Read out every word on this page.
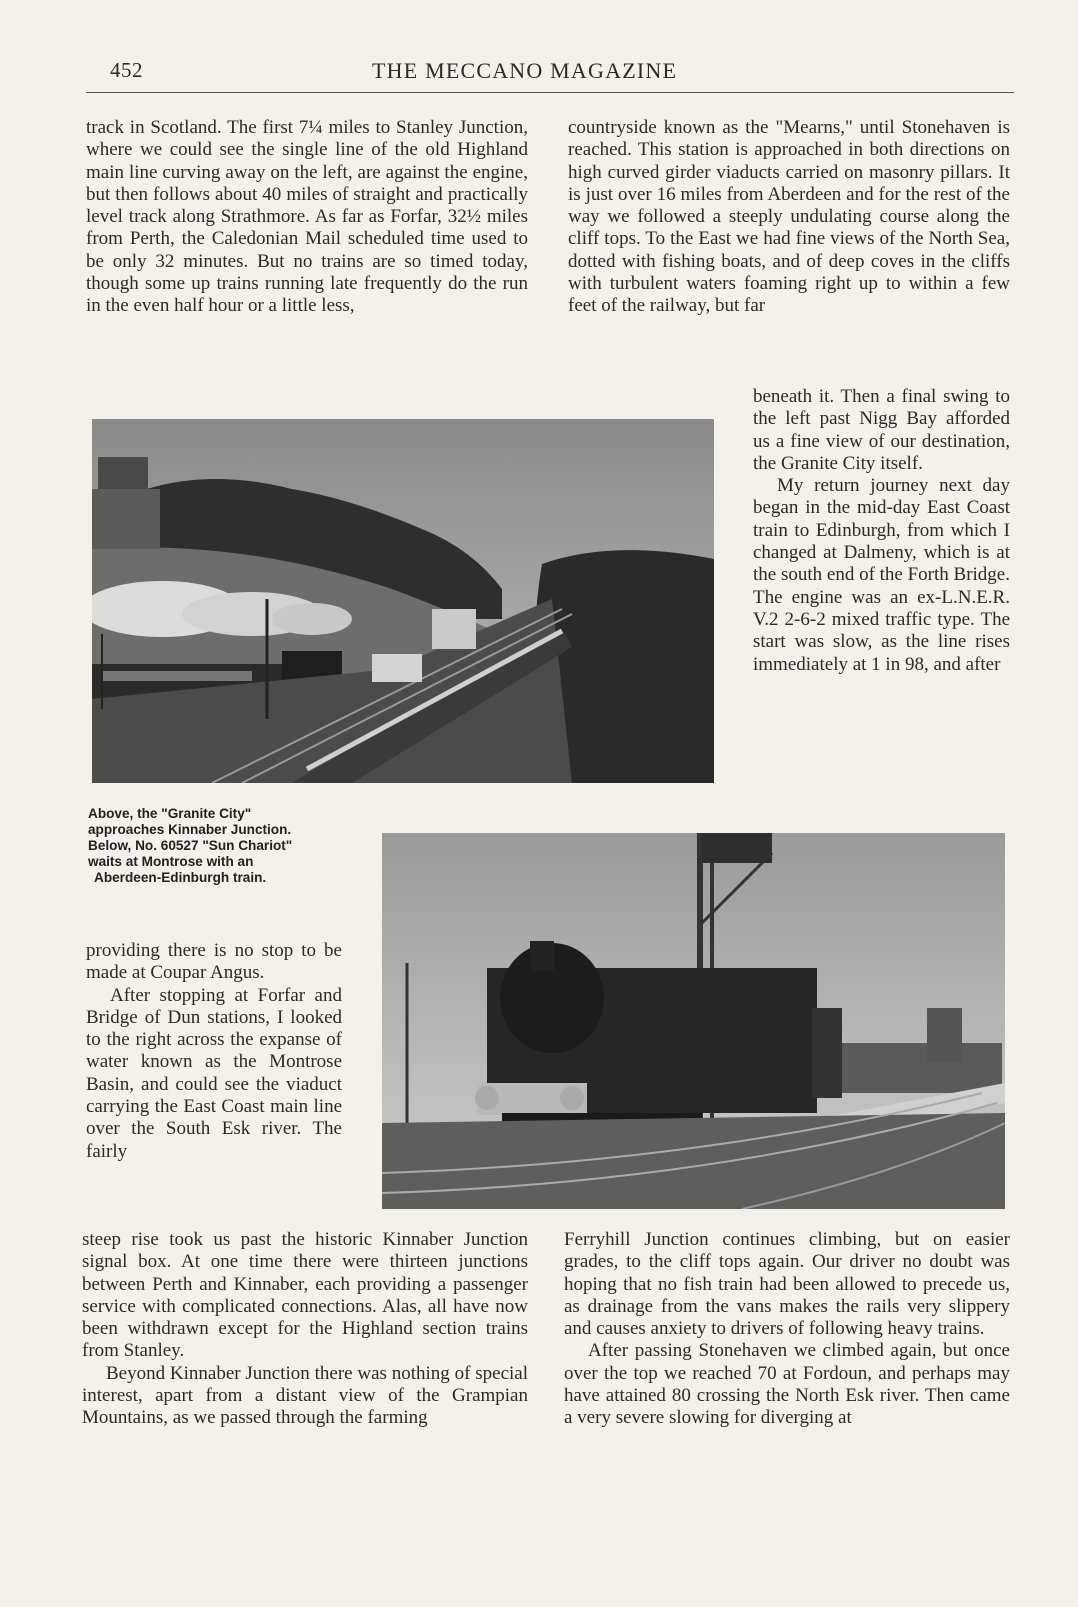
452	THE MECCANO MAGAZINE

track in Scotland. The first 7¼ miles to Stanley Junction, where we could see the single line of the old Highland main line curving away on the left, are against the engine, but then follows about 40 miles of straight and practically level track along Strathmore. As far as Forfar, 32½ miles from Perth, the Caledonian Mail scheduled time used to be only 32 minutes. But no trains are so timed today, though some up trains running late frequently do the run in the even half hour or a little less,

countryside known as the "Mearns," until Stonehaven is reached. This station is approached in both directions on high curved girder viaducts carried on masonry pillars. It is just over 16 miles from Aberdeen and for the rest of the way we followed a steeply undulating course along the cliff tops. To the East we had fine views of the North Sea, dotted with fishing boats, and of deep coves in the cliffs with turbulent waters foaming right up to within a few feet of the railway, but far

beneath it. Then a final swing to the left past Nigg Bay afforded us a fine view of our destination, the Granite City itself.

My return journey next day began in the mid-day East Coast train to Edinburgh, from which I changed at Dalmeny, which is at the south end of the Forth Bridge. The engine was an ex-L.N.E.R. V.2 2-6-2 mixed traffic type. The start was slow, as the line rises immediately at 1 in 98, and after

Above, the "Granite City"
approaches Kinnaber Junction.
Below, No. 60527 "Sun Chariot"
waits at Montrose with an
Aberdeen-Edinburgh train.

providing there is no stop to be made at Coupar Angus.

After stopping at Forfar and Bridge of Dun stations, I looked to the right across the expanse of water known as the Montrose Basin, and could see the viaduct carrying the East Coast main line over the South Esk river. The fairly

steep rise took us past the historic Kinnaber Junction signal box. At one time there were thirteen junctions between Perth and Kinnaber, each providing a passenger service with complicated connections. Alas, all have now been withdrawn except for the Highland section trains from Stanley.

Beyond Kinnaber Junction there was nothing of special interest, apart from a distant view of the Grampian Mountains, as we passed through the farming

Ferryhill Junction continues climbing, but on easier grades, to the cliff tops again. Our driver no doubt was hoping that no fish train had been allowed to precede us, as drainage from the vans makes the rails very slippery and causes anxiety to drivers of following heavy trains.

After passing Stonehaven we climbed again, but once over the top we reached 70 at Fordoun, and perhaps may have attained 80 crossing the North Esk river. Then came a very severe slowing for diverging at
